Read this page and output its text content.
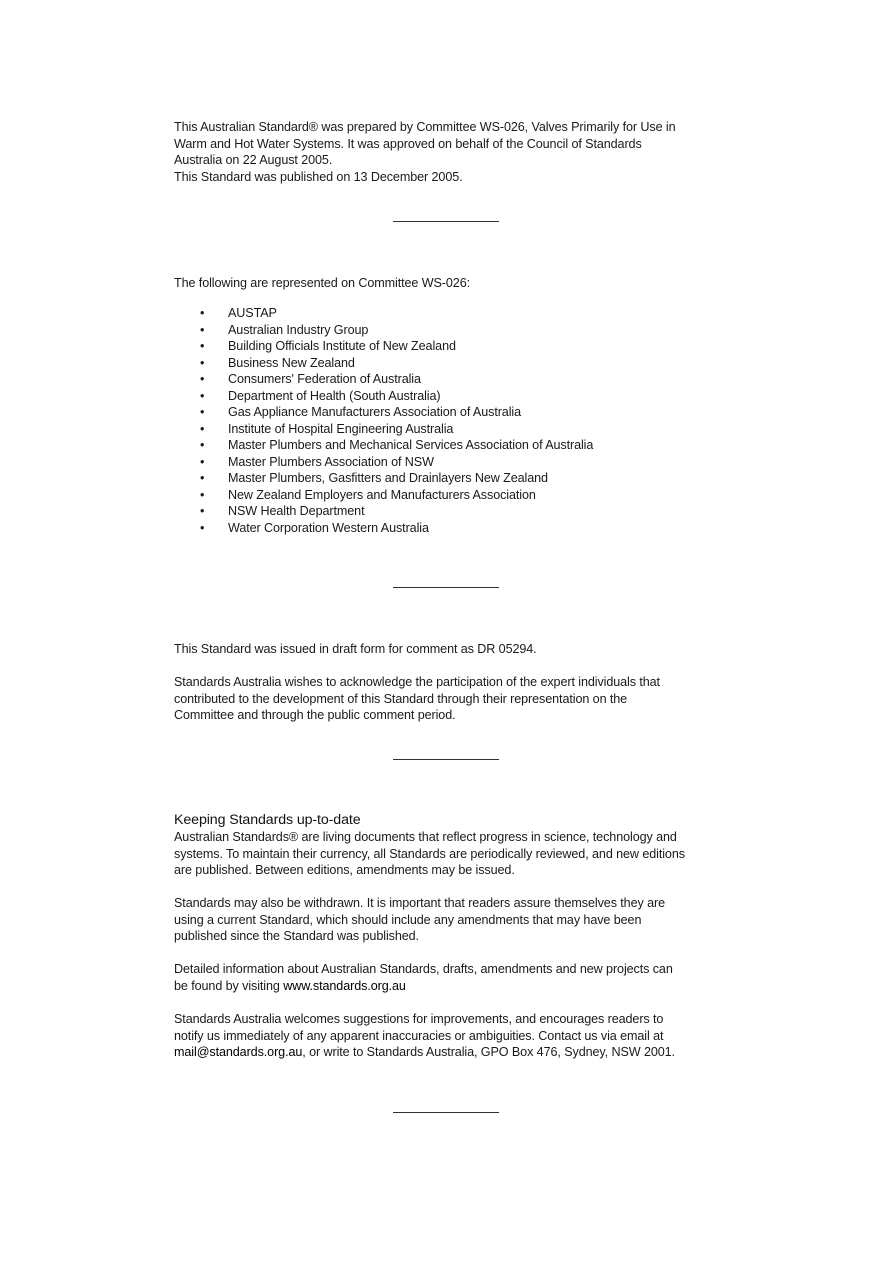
This Australian Standard® was prepared by Committee WS-026, Valves Primarily for Use in

Warm and Hot Water Systems. It was approved on behalf of the Council of Standards

Australia on 22 August 2005.

This Standard was published on 13 December 2005.

The following are represented on Committee WS-026:

• AUSTAP
• Australian Industry Group
• Building Officials Institute of New Zealand
• Business New Zealand
• Consumers' Federation of Australia
• Department of Health (South Australia)
• Gas Appliance Manufacturers Association of Australia
• Institute of Hospital Engineering Australia
• Master Plumbers and Mechanical Services Association of Australia
• Master Plumbers Association of NSW
• Master Plumbers, Gasfitters and Drainlayers New Zealand
• New Zealand Employers and Manufacturers Association
• NSW Health Department
• Water Corporation Western Australia

This Standard was issued in draft form for comment as DR 05294.

Standards Australia wishes to acknowledge the participation of the expert individuals that

contributed to the development of this Standard through their representation on the

Committee and through the public comment period.

Keeping Standards up-to-date

Australian Standards® are living documents that reflect progress in science, technology and

systems. To maintain their currency, all Standards are periodically reviewed, and new editions

are published. Between editions, amendments may be issued.

Standards may also be withdrawn. It is important that readers assure themselves they are

using a current Standard, which should include any amendments that may have been

published since the Standard was published.

Detailed information about Australian Standards, drafts, amendments and new projects can

be found by visiting www.standards.org.au

Standards Australia welcomes suggestions for improvements, and encourages readers to

notify us immediately of any apparent inaccuracies or ambiguities. Contact us via email at

mail@standards.org.au, or write to Standards Australia, GPO Box 476, Sydney, NSW 2001.
